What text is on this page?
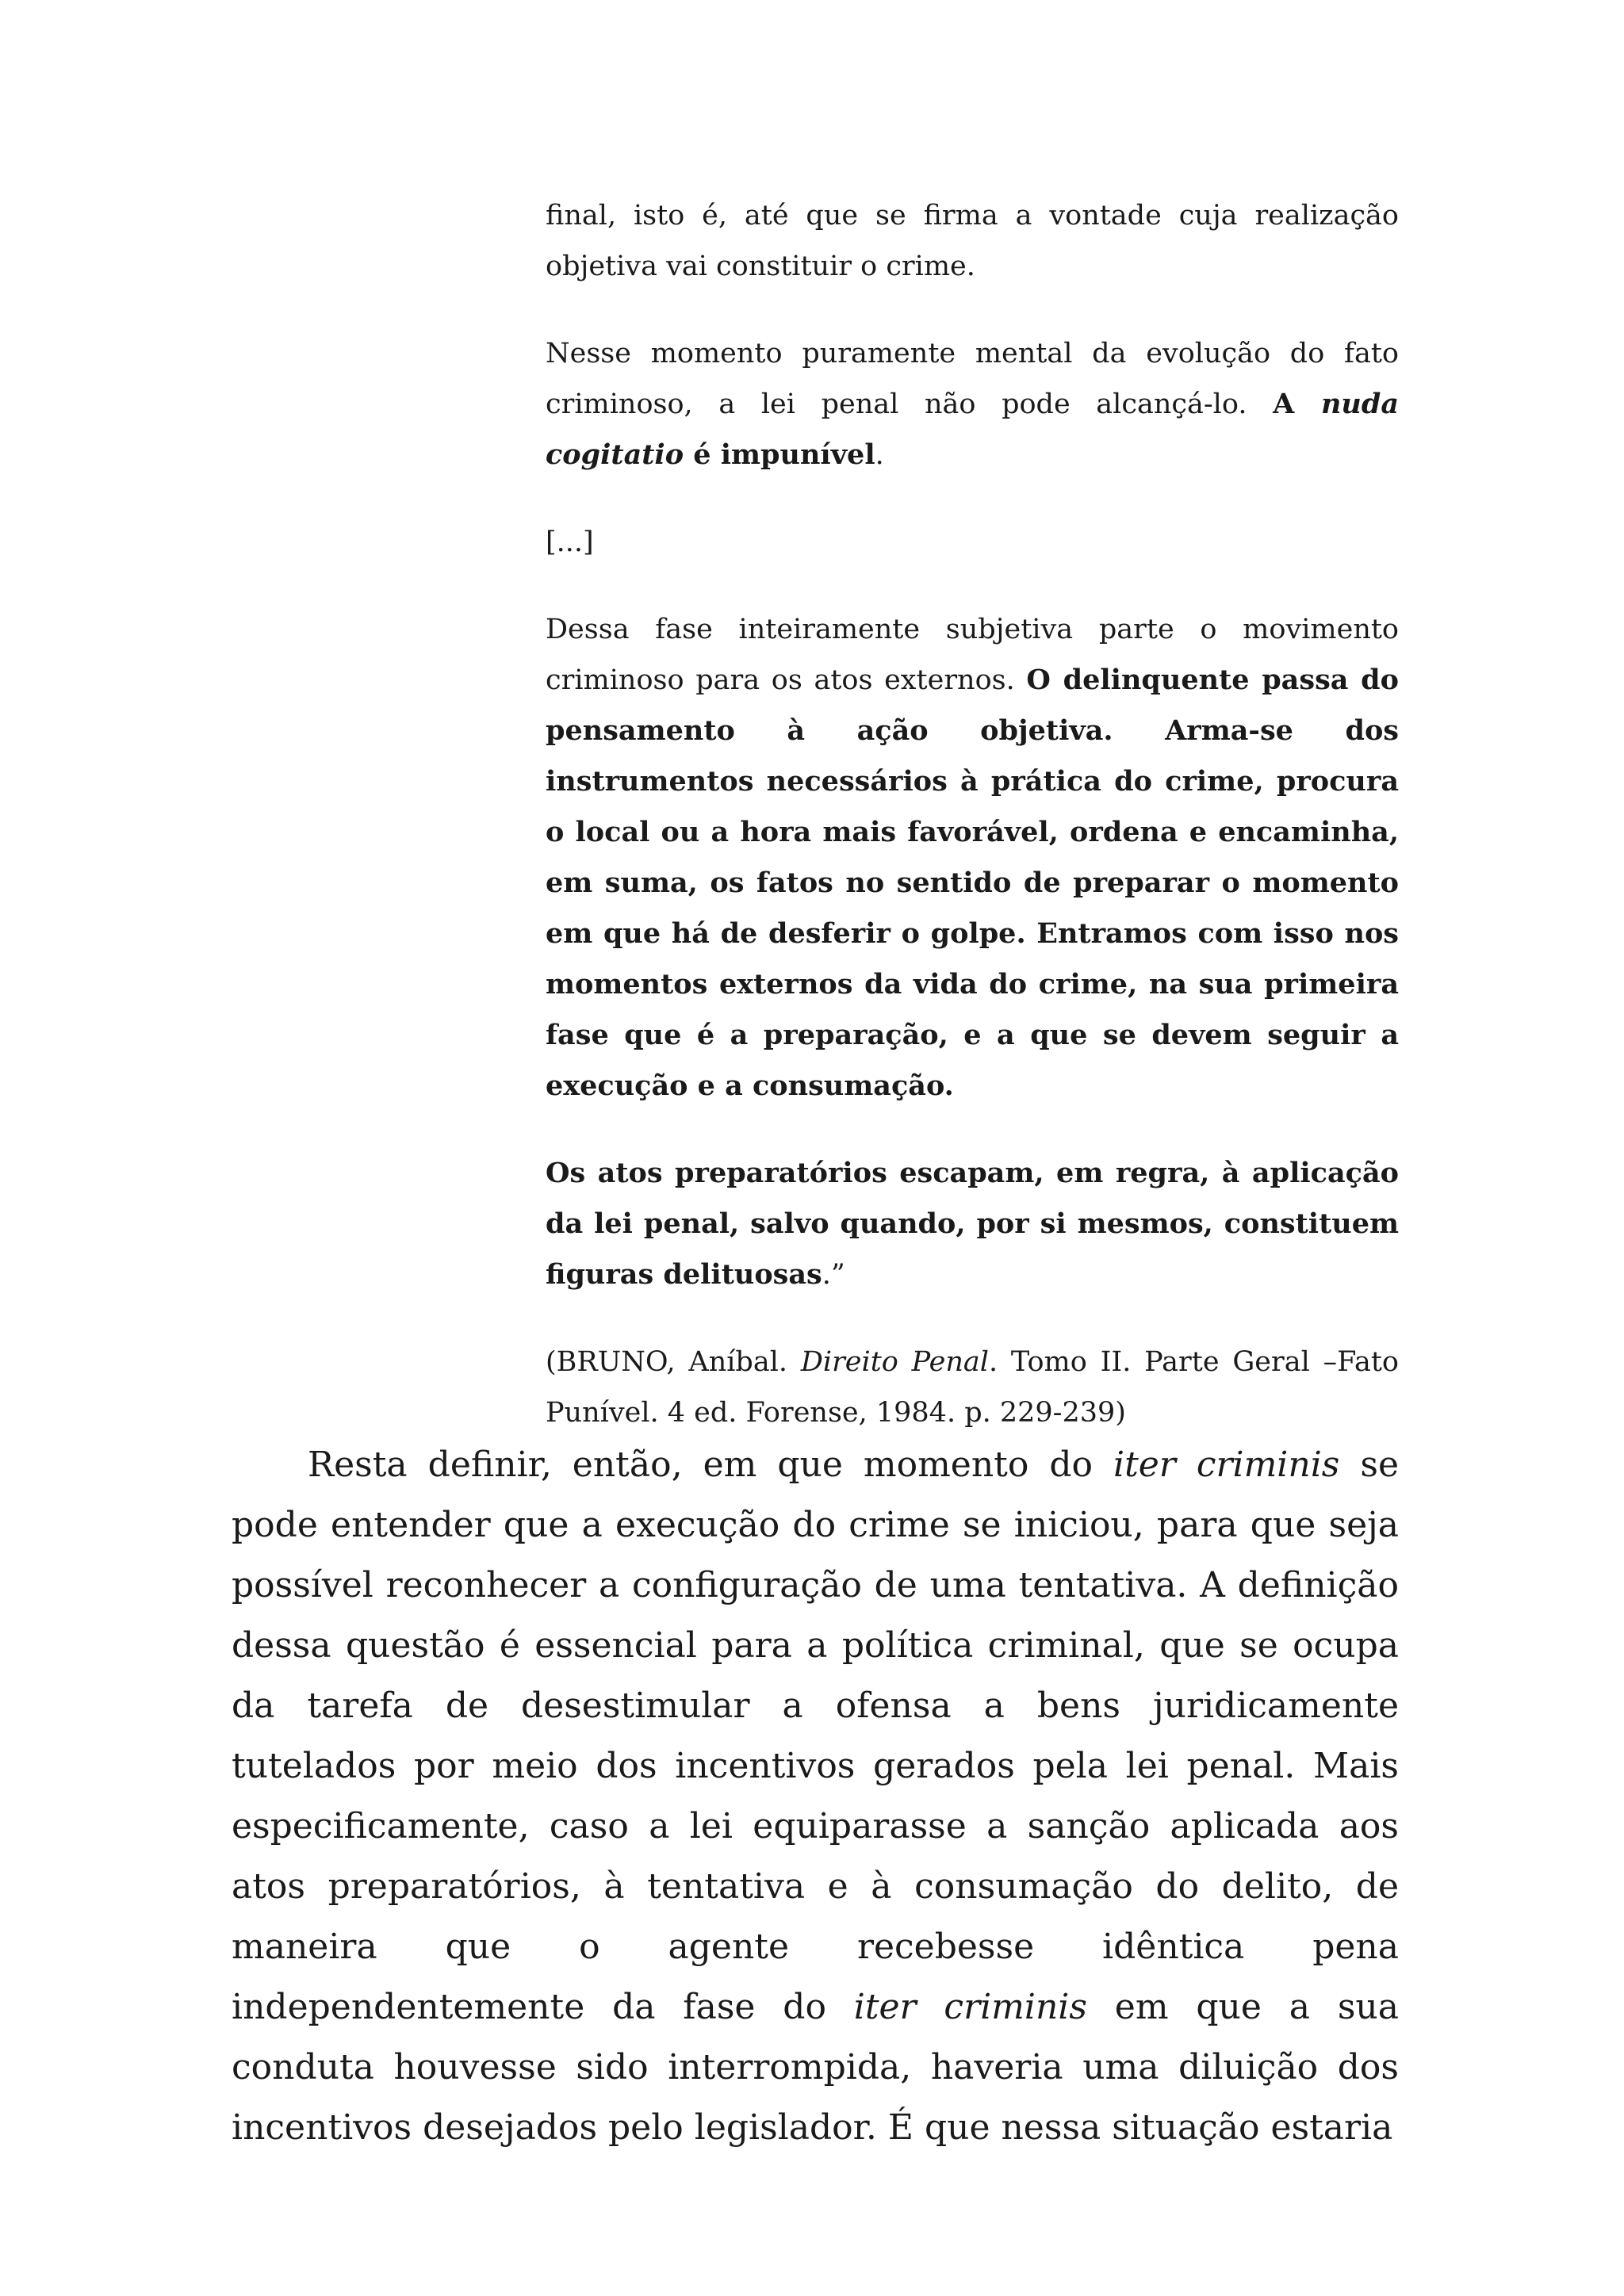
final, isto é, até que se firma a vontade cuja realização objetiva vai constituir o crime.

Nesse momento puramente mental da evolução do fato criminoso, a lei penal não pode alcançá-lo. A nuda cogitatio é impunível.

[...]

Dessa fase inteiramente subjetiva parte o movimento criminoso para os atos externos. O delinquente passa do pensamento à ação objetiva. Arma-se dos instrumentos necessários à prática do crime, procura o local ou a hora mais favorável, ordena e encaminha, em suma, os fatos no sentido de preparar o momento em que há de desferir o golpe. Entramos com isso nos momentos externos da vida do crime, na sua primeira fase que é a preparação, e a que se devem seguir a execução e a consumação.

Os atos preparatórios escapam, em regra, à aplicação da lei penal, salvo quando, por si mesmos, constituem figuras delituosas.”

(BRUNO, Aníbal. Direito Penal. Tomo II. Parte Geral –Fato Punível. 4 ed. Forense, 1984. p. 229-239)

Resta definir, então, em que momento do iter criminis se pode entender que a execução do crime se iniciou, para que seja possível reconhecer a configuração de uma tentativa. A definição dessa questão é essencial para a política criminal, que se ocupa da tarefa de desestimular a ofensa a bens juridicamente tutelados por meio dos incentivos gerados pela lei penal. Mais especificamente, caso a lei equiparasse a sanção aplicada aos atos preparatórios, à tentativa e à consumação do delito, de maneira que o agente recebesse idêntica pena independentemente da fase do iter criminis em que a sua conduta houvesse sido interrompida, haveria uma diluição dos incentivos desejados pelo legislador. É que nessa situação estaria
